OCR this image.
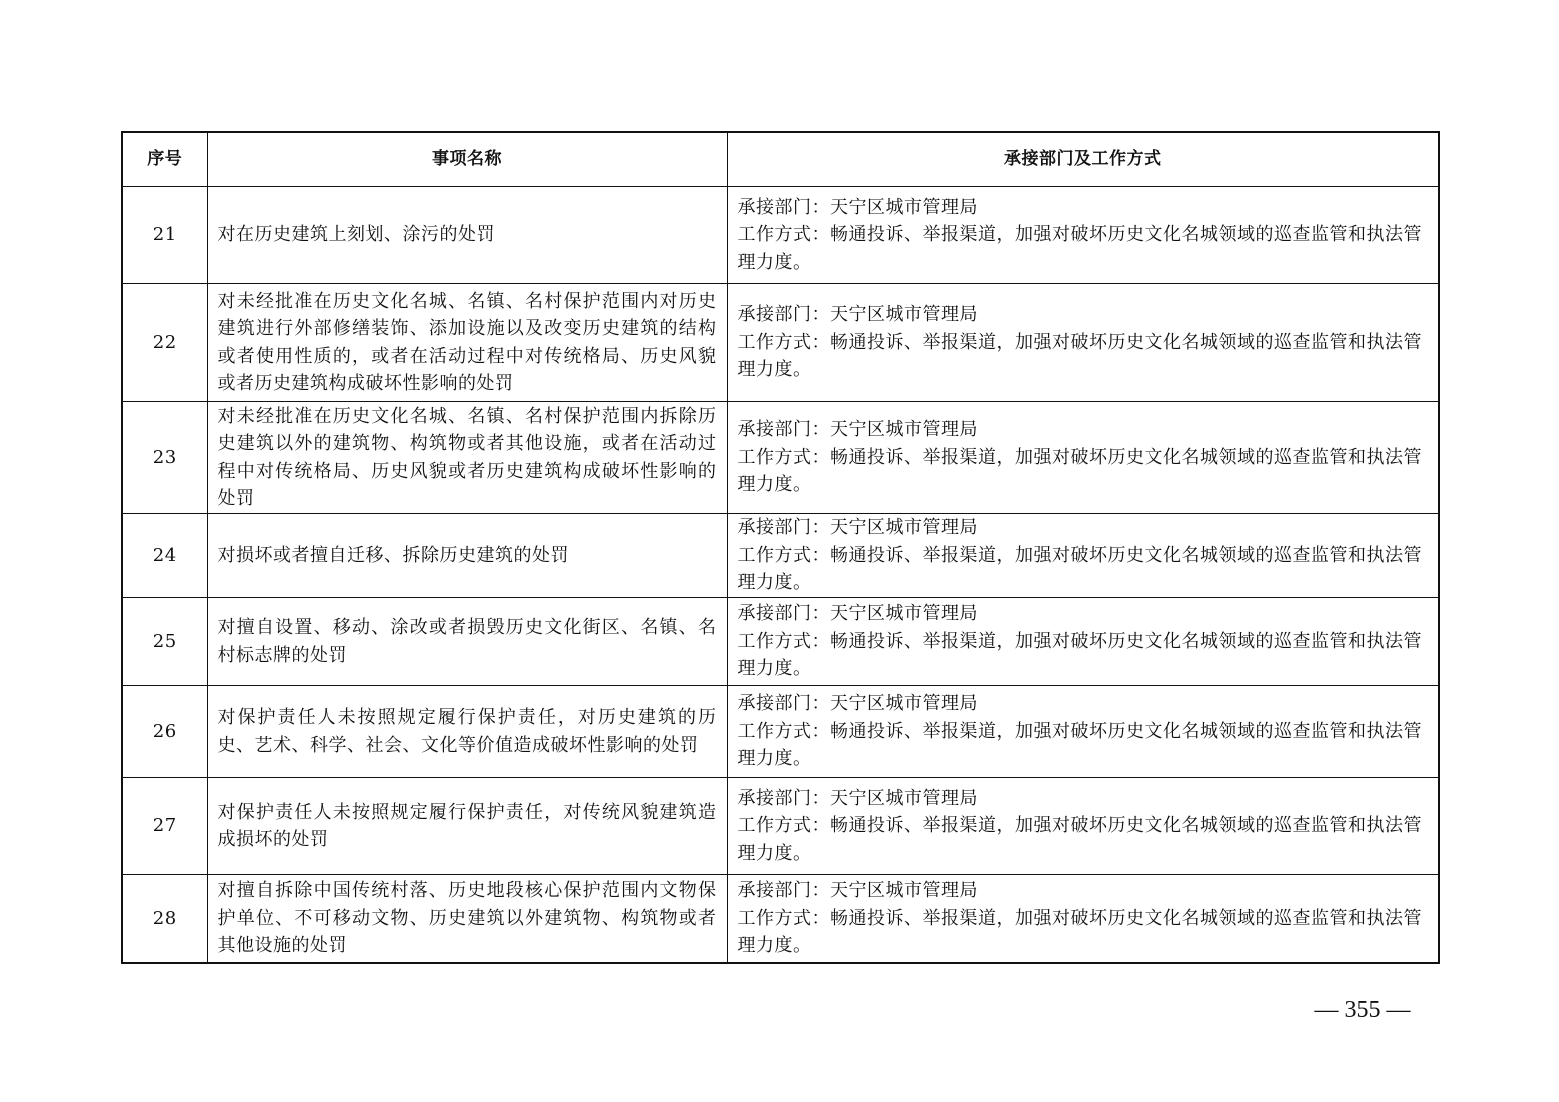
序号	事项名称	承接部门及工作方式
21	对在历史建筑上刻划、涂污的处罚	承接部门：天宁区城市管理局
工作方式：畅通投诉、举报渠道，加强对破坏历史文化名城领域的巡查监管和执法管理力度。

22	对未经批准在历史文化名城、名镇、名村保护范围内对历史建筑进行外部修缮装饰、添加设施以及改变历史建筑的结构或者使用性质的，或者在活动过程中对传统格局、历史风貌或者历史建筑构成破坏性影响的处罚	承接部门：天宁区城市管理局
工作方式：畅通投诉、举报渠道，加强对破坏历史文化名城领域的巡查监管和执法管理力度。

23	对未经批准在历史文化名城、名镇、名村保护范围内拆除历史建筑以外的建筑物、构筑物或者其他设施，或者在活动过程中对传统格局、历史风貌或者历史建筑构成破坏性影响的处罚	承接部门：天宁区城市管理局
工作方式：畅通投诉、举报渠道，加强对破坏历史文化名城领域的巡查监管和执法管理力度。

24	对损坏或者擅自迁移、拆除历史建筑的处罚	承接部门：天宁区城市管理局
工作方式：畅通投诉、举报渠道，加强对破坏历史文化名城领域的巡查监管和执法管理力度。

25	对擅自设置、移动、涂改或者损毁历史文化街区、名镇、名村标志牌的处罚	承接部门：天宁区城市管理局
工作方式：畅通投诉、举报渠道，加强对破坏历史文化名城领域的巡查监管和执法管理力度。

26	对保护责任人未按照规定履行保护责任，对历史建筑的历史、艺术、科学、社会、文化等价值造成破坏性影响的处罚	承接部门：天宁区城市管理局
工作方式：畅通投诉、举报渠道，加强对破坏历史文化名城领域的巡查监管和执法管理力度。

27	对保护责任人未按照规定履行保护责任，对传统风貌建筑造成损坏的处罚	承接部门：天宁区城市管理局
工作方式：畅通投诉、举报渠道，加强对破坏历史文化名城领域的巡查监管和执法管理力度。

28	对擅自拆除中国传统村落、历史地段核心保护范围内文物保护单位、不可移动文物、历史建筑以外建筑物、构筑物或者其他设施的处罚	承接部门：天宁区城市管理局
工作方式：畅通投诉、举报渠道，加强对破坏历史文化名城领域的巡查监管和执法管理力度。
— 355 —
